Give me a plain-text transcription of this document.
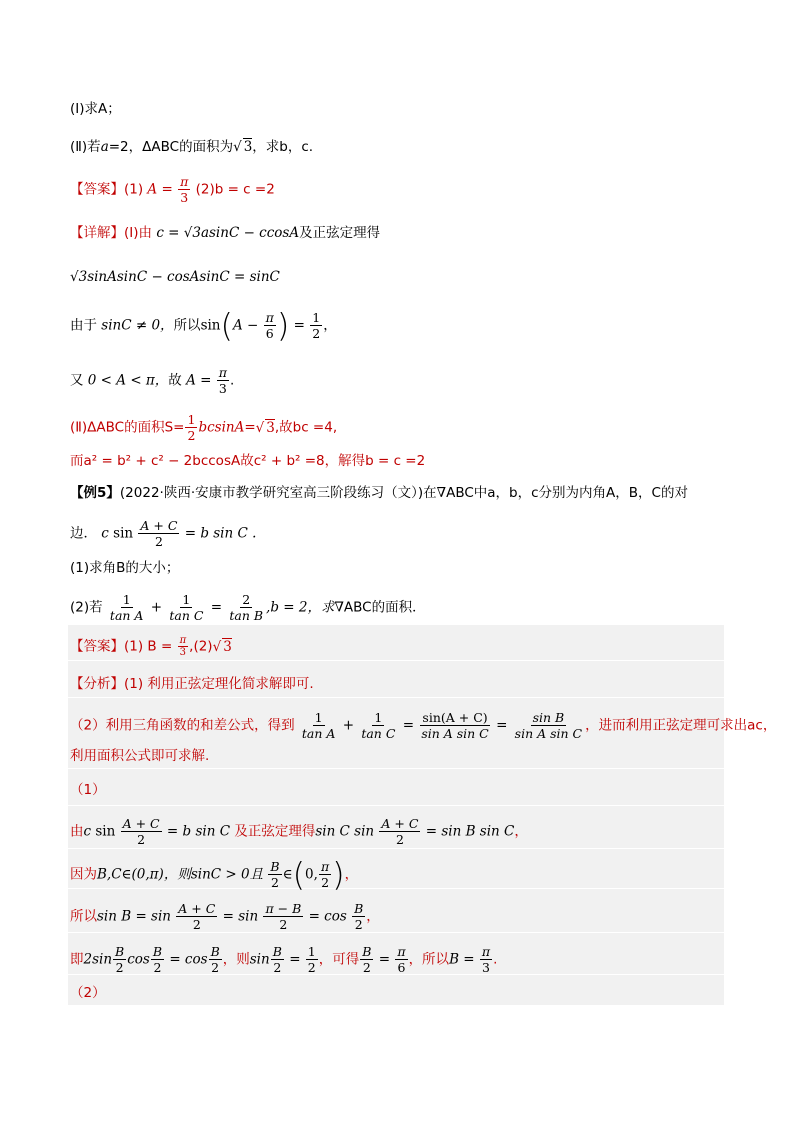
(Ⅰ)求A；
(Ⅱ)若a=2，ΔABC的面积为√ 3，求b，c.
【答案】(1) $A = \frac{\pi}{3} (2)b = c =2$
【详解】(Ⅰ)由 c = √3asinC − ccosA及正弦定理得
√3sinAsinC − cosAsinC = sinC
由于 sinC ≠ 0，所以$\sin(A - \frac{\pi}{6}$ ) = $\frac{1}{2}$ ，
又 0 < A < π，故 $A = \frac{\pi}{3}$ .
(Ⅱ)ΔABC的面积$S= \frac{1}{2} bcsinA=√$ 3,故bc =4,
而a² = b² + c² − 2bccosA故c² + b² =8，解得b = c =2
【例5】(2022·陕西·安康市教学研究室高三阶段练习（文）)在∇ABC中a，b，c分别为内角A，B，C的对
边． c $\sin \frac{A + C}{2} = b$ sin C .
(1)求角B的大小；
(2)若 $\frac{1}{\text{tan A}} + \frac{1}{\text{tan C}} = \frac{2}{\text{tan B}} ,b = 2$，求∇ABC的面积．
【答案】(1) $B = \frac{\pi}{3} ,(2)√$ 3
【分析】(1) 利用正弦定理化简求解即可.
（2）利用三角函数的和差公式，得到 $\frac{1}{\text{tan A}} + \frac{1}{\text{tan C}} = \frac{\sin(A + C)}{\text{sin A sin C}} = \frac{\text{sin B}}{\text{sin A sin C}}$ ，进而利用正弦定理可求出ac，
利用面积公式即可求解.
（1）
由c $\sin \frac{A + C}{2} = b$ sin C 及正弦定理得sin C $\sin \frac{A + C}{2} = \sin B$ sin C，
因为B,C∈(0,π)，则sinC > 0且 $\frac{B}{2}$ ∈(0, $\frac{\pi}{2}$ )，
所以$\sin B = \sin \frac{A + C}{2} = \sin \frac{\pi - B}{2} = \cos \frac{B}{2}$ ，
即$2\sin \frac{B}{2}$ $\cos \frac{B}{2} = \cos \frac{B}{2}$ ，则$\sin \frac{B}{2} = \frac{1}{2}$ ，可得 $\frac{B}{2} = \frac{\pi}{6}$ ，所以$B = \frac{\pi}{3}$ .
（2）
